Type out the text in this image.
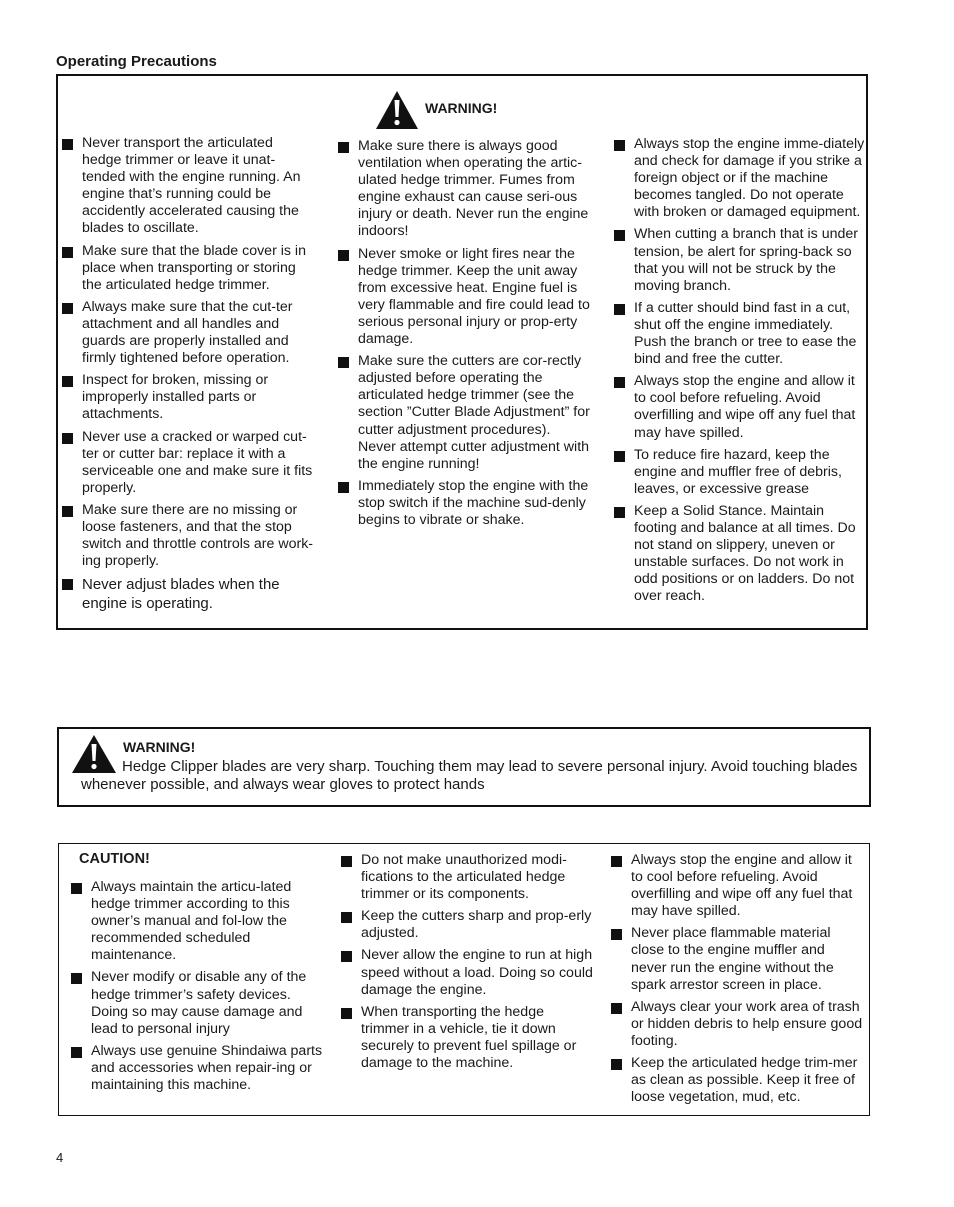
Operating Precautions
WARNING!
Never transport the articulated hedge trimmer or leave it unat-tended with the engine running. An engine that’s running could be accidently accelerated causing the blades to oscillate.
Make sure that the blade cover is in place when transporting or storing the articulated hedge trimmer.
Always make sure that the cut-ter attachment and all handles and guards are properly installed and firmly tightened before operation.
Inspect for broken, missing or improperly installed parts or attachments.
Never use a cracked or warped cut-ter or cutter bar: replace it with a serviceable one and make sure it fits properly.
Make sure there are no missing or loose fasteners, and that the stop switch and throttle controls are work-ing properly.
Never adjust blades when the engine is operating.
Make sure there is always good ventilation when operating the artic-ulated hedge trimmer. Fumes from engine exhaust can cause seri-ous injury or death. Never run the engine indoors!
Never smoke or light fires near the hedge trimmer. Keep the unit away from excessive heat. Engine fuel is very flammable and fire could lead to serious personal injury or prop-erty damage.
Make sure the cutters are cor-rectly adjusted before operating the articulated hedge trimmer (see the section ”Cutter Blade Adjustment” for cutter adjustment procedures). Never attempt cutter adjustment with the engine running!
Immediately stop the engine with the stop switch if the machine sud-denly begins to vibrate or shake.
Always stop the engine imme-diately and check for damage if you strike a foreign object or if the machine becomes tangled. Do not operate with broken or damaged equipment.
When cutting a branch that is under tension, be alert for spring-back so that you will not be struck by the moving branch.
If a cutter should bind fast in a cut, shut off the engine immediately. Push the branch or tree to ease the bind and free the cutter.
Always stop the engine and allow it to cool before refueling. Avoid overfilling and wipe off any fuel that may have spilled.
To reduce fire hazard, keep the engine and muffler free of debris, leaves, or excessive grease
Keep a Solid Stance. Maintain footing and balance at all times. Do not stand on slippery, uneven or unstable surfaces. Do not work in odd positions or on ladders. Do not over reach.
WARNING!

Hedge Clipper blades are very sharp. Touching them may lead to severe personal injury. Avoid touching blades whenever possible, and always wear gloves to protect hands

CAUTION!
Always maintain the articu-lated hedge trimmer according to this owner’s manual and fol-low the recommended scheduled maintenance.
Never modify or disable any of the hedge trimmer’s safety devices. Doing so may cause damage and lead to personal injury
Always use genuine Shindaiwa parts and accessories when repair-ing or maintaining this machine.
Do not make unauthorized modi-fications to the articulated hedge trimmer or its components.
Keep the cutters sharp and prop-erly adjusted.
Never allow the engine to run at high speed without a load. Doing so could damage the engine.
When transporting the hedge trimmer in a vehicle, tie it down securely to prevent fuel spillage or damage to the machine.
Always stop the engine and allow it to cool before refueling. Avoid overfilling and wipe off any fuel that may have spilled.
Never place flammable material close to the engine muffler and never run the engine without the spark arrestor screen in place.
Always clear your work area of trash or hidden debris to help ensure good footing.
Keep the articulated hedge trim-mer as clean as possible. Keep it free of loose vegetation, mud, etc.
4
